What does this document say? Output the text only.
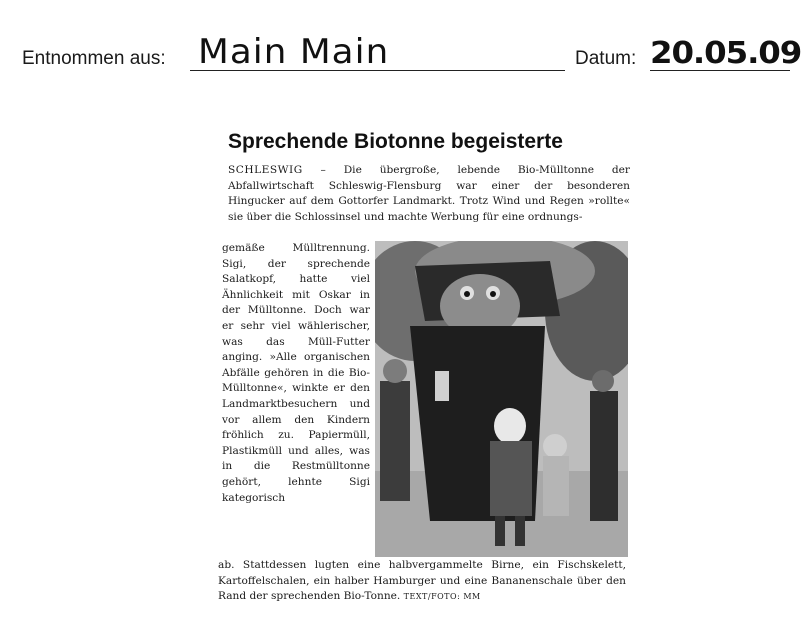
Entnommen aus: Main Main	Datum: 20.05.09
Sprechende Biotonne begeisterte
SCHLESWIG – Die übergroße, lebende Bio-Mülltonne der Abfallwirtschaft Schleswig-Flensburg war einer der besonderen Hingucker auf dem Gottorfer Landmarkt. Trotz Wind und Regen »rollte« sie über die Schlossinsel und machte Werbung für eine ordnungs-
gemäße Mülltrennung. Sigi, der sprechende Salatkopf, hatte viel Ähnlichkeit mit Oskar in der Mülltonne. Doch war er sehr viel wählerischer, was das Müll-Futter anging. »Alle organischen Abfälle gehören in die Bio-Mülltonne«, winkte er den Landmarktbesuchern und vor allem den Kindern fröhlich zu. Papiermüll, Plastikmüll und alles, was in die Restmülltonne gehört, lehnte Sigi kategorisch
ab. Stattdessen lugten eine halbvergammelte Birne, ein Fischskelett, Kartoffelschalen, ein halber Hamburger und eine Bananenschale über den Rand der sprechenden Bio-Tonne. TEXT/FOTO: MM
